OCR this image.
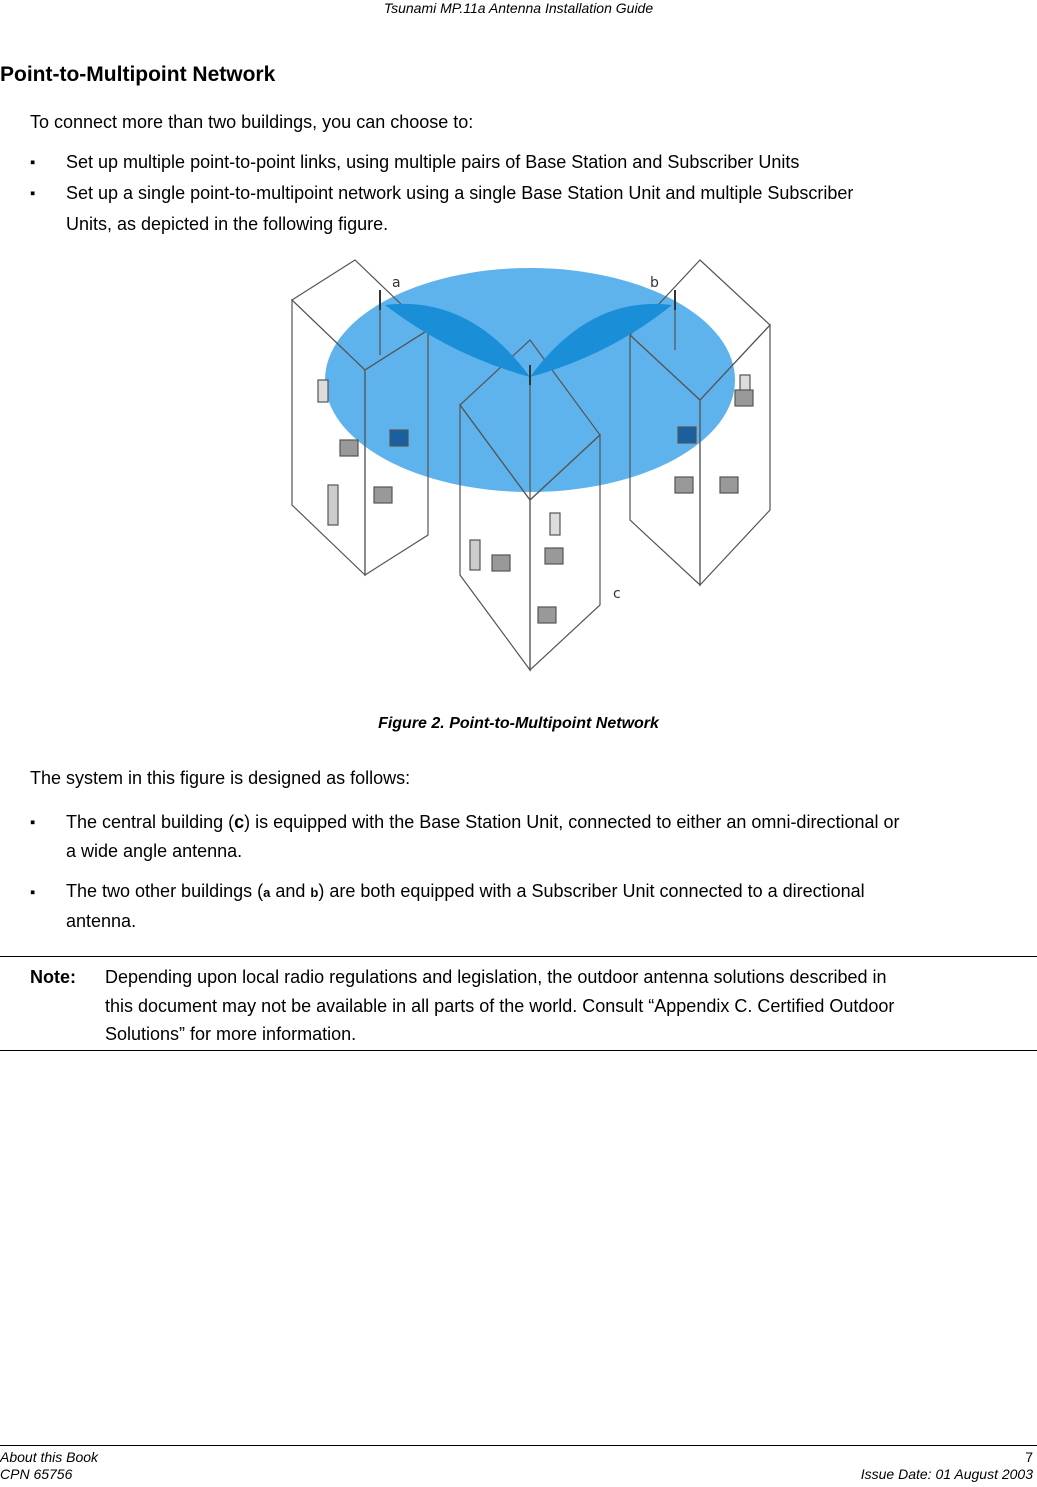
Tsunami MP.11a Antenna Installation Guide
Point-to-Multipoint Network
To connect more than two buildings, you can choose to:
▪ Set up multiple point-to-point links, using multiple pairs of Base Station and Subscriber Units
▪ Set up a single point-to-multipoint network using a single Base Station Unit and multiple Subscriber
Units, as depicted in the following figure.
a	b
c
Figure 2. Point-to-Multipoint Network
The system in this figure is designed as follows:
▪ The central building (c) is equipped with the Base Station Unit, connected to either an omni-directional or
a wide angle antenna.
▪ The two other buildings (a and b) are both equipped with a Subscriber Unit connected to a directional
antenna.
Note: Depending upon local radio regulations and legislation, the outdoor antenna solutions described in
this document may not be available in all parts of the world. Consult “Appendix C. Certified Outdoor
Solutions” for more information.
About this Book
CPN 65756
7
Issue Date: 01 August 2003
